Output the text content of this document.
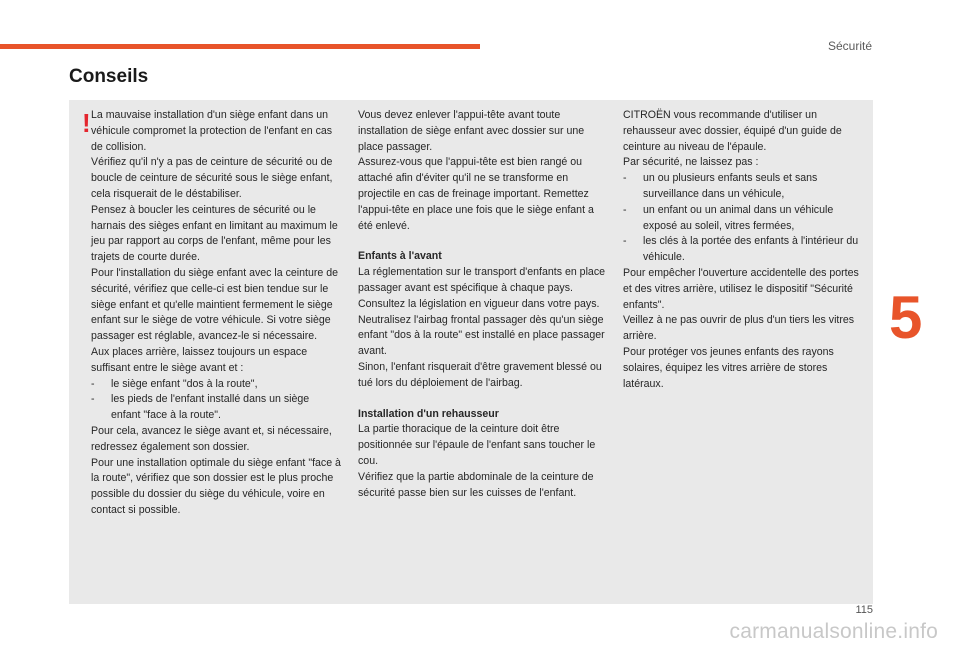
Sécurité
Conseils
! La mauvaise installation d'un siège enfant dans un véhicule compromet la protection de l'enfant en cas de collision.
Vérifiez qu'il n'y a pas de ceinture de sécurité ou de boucle de ceinture de sécurité sous le siège enfant, cela risquerait de le déstabiliser.
Pensez à boucler les ceintures de sécurité ou le harnais des sièges enfant en limitant au maximum le jeu par rapport au corps de l'enfant, même pour les trajets de courte durée.
Pour l'installation du siège enfant avec la ceinture de sécurité, vérifiez que celle-ci est bien tendue sur le siège enfant et qu'elle maintient fermement le siège enfant sur le siège de votre véhicule. Si votre siège passager est réglable, avancez-le si nécessaire.
Aux places arrière, laissez toujours un espace suffisant entre le siège avant et :
-	le siège enfant "dos à la route",
-	les pieds de l'enfant installé dans un siège enfant "face à la route".
Pour cela, avancez le siège avant et, si nécessaire, redressez également son dossier.
Pour une installation optimale du siège enfant "face à la route", vérifiez que son dossier est le plus proche possible du dossier du siège du véhicule, voire en contact si possible.
Vous devez enlever l'appui-tête avant toute installation de siège enfant avec dossier sur une place passager.
Assurez-vous que l'appui-tête est bien rangé ou attaché afin d'éviter qu'il ne se transforme en projectile en cas de freinage important. Remettez l'appui-tête en place une fois que le siège enfant a été enlevé.
Enfants à l'avant
La réglementation sur le transport d'enfants en place passager avant est spécifique à chaque pays. Consultez la législation en vigueur dans votre pays.
Neutralisez l'airbag frontal passager dès qu'un siège enfant "dos à la route" est installé en place passager avant.
Sinon, l'enfant risquerait d'être gravement blessé ou tué lors du déploiement de l'airbag.
Installation d'un rehausseur
La partie thoracique de la ceinture doit être positionnée sur l'épaule de l'enfant sans toucher le cou.
Vérifiez que la partie abdominale de la ceinture de sécurité passe bien sur les cuisses de l'enfant.
CITROËN vous recommande d'utiliser un rehausseur avec dossier, équipé d'un guide de ceinture au niveau de l'épaule.
Par sécurité, ne laissez pas :
-	un ou plusieurs enfants seuls et sans surveillance dans un véhicule,
-	un enfant ou un animal dans un véhicule exposé au soleil, vitres fermées,
-	les clés à la portée des enfants à l'intérieur du véhicule.
Pour empêcher l'ouverture accidentelle des portes et des vitres arrière, utilisez le dispositif "Sécurité enfants".
Veillez à ne pas ouvrir de plus d'un tiers les vitres arrière.
Pour protéger vos jeunes enfants des rayons solaires, équipez les vitres arrière de stores latéraux.
5
115
carmanualsonline.info
